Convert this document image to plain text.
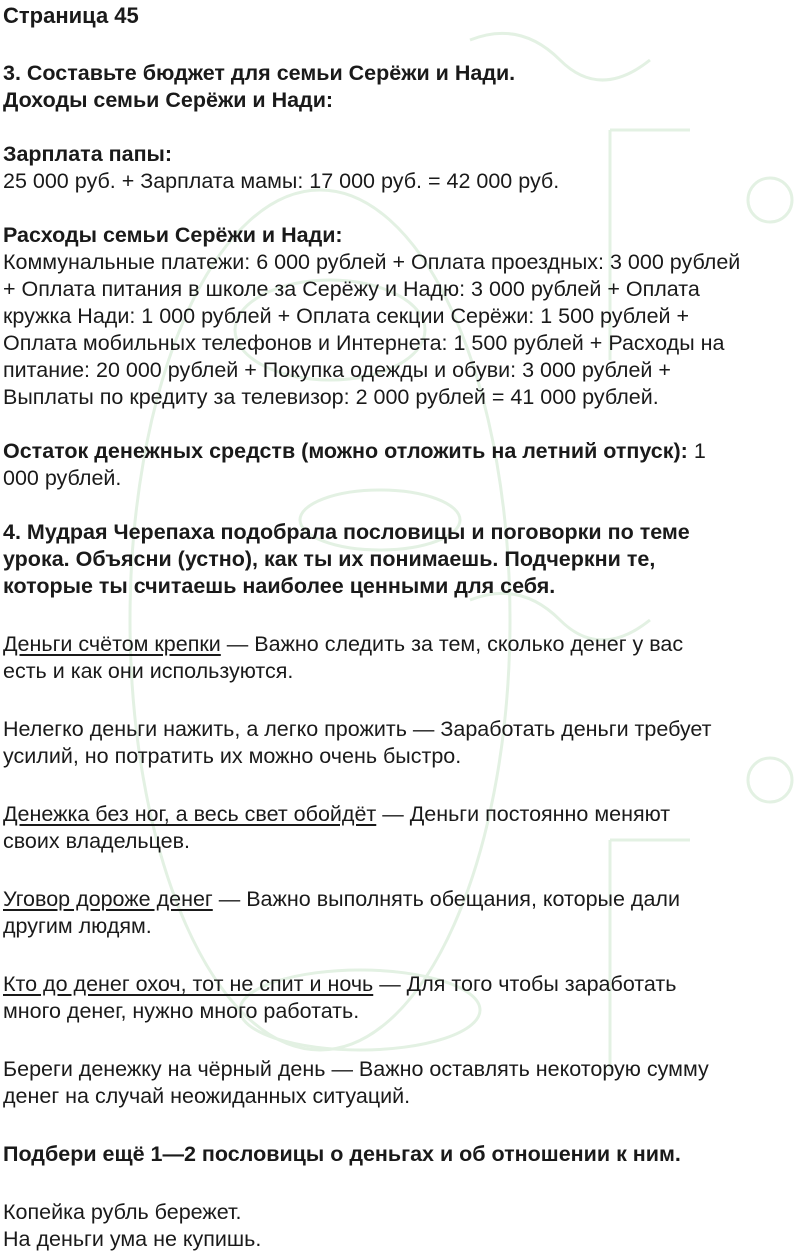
Страница 45

3. Составьте бюджет для семьи Серёжи и Нади.

Доходы семьи Серёжи и Нади:

Зарплата папы:

25 000 руб. + Зарплата мамы: 17 000 руб. = 42 000 руб.

Расходы семьи Серёжи и Нади:

Коммунальные платежи: 6 000 рублей + Оплата проездных: 3 000 рублей

+ Оплата питания в школе за Серёжу и Надю: 3 000 рублей + Оплата

кружка Нади: 1 000 рублей + Оплата секции Серёжи: 1 500 рублей +

Оплата мобильных телефонов и Интернета: 1 500 рублей + Расходы на

питание: 20 000 рублей + Покупка одежды и обуви: 3 000 рублей +

Выплаты по кредиту за телевизор: 2 000 рублей = 41 000 рублей.

Остаток денежных средств (можно отложить на летний отпуск): 1

000 рублей.

4. Мудрая Черепаха подобрала пословицы и поговорки по теме

урока. Объясни (устно), как ты их понимаешь. Подчеркни те,

которые ты считаешь наиболее ценными для себя.

Деньги счётом крепки — Важно следить за тем, сколько денег у вас

есть и как они используются.

Нелегко деньги нажить, а легко прожить — Заработать деньги требует

усилий, но потратить их можно очень быстро.

Денежка без ног, а весь свет обойдёт — Деньги постоянно меняют

своих владельцев.

Уговор дороже денег — Важно выполнять обещания, которые дали

другим людям.

Кто до денег охоч, тот не спит и ночь — Для того чтобы заработать

много денег, нужно много работать.

Береги денежку на чёрный день — Важно оставлять некоторую сумму

денег на случай неожиданных ситуаций.

Подбери ещё 1—2 пословицы о деньгах и об отношении к ним.

Копейка рубль бережет.

На деньги ума не купишь.
